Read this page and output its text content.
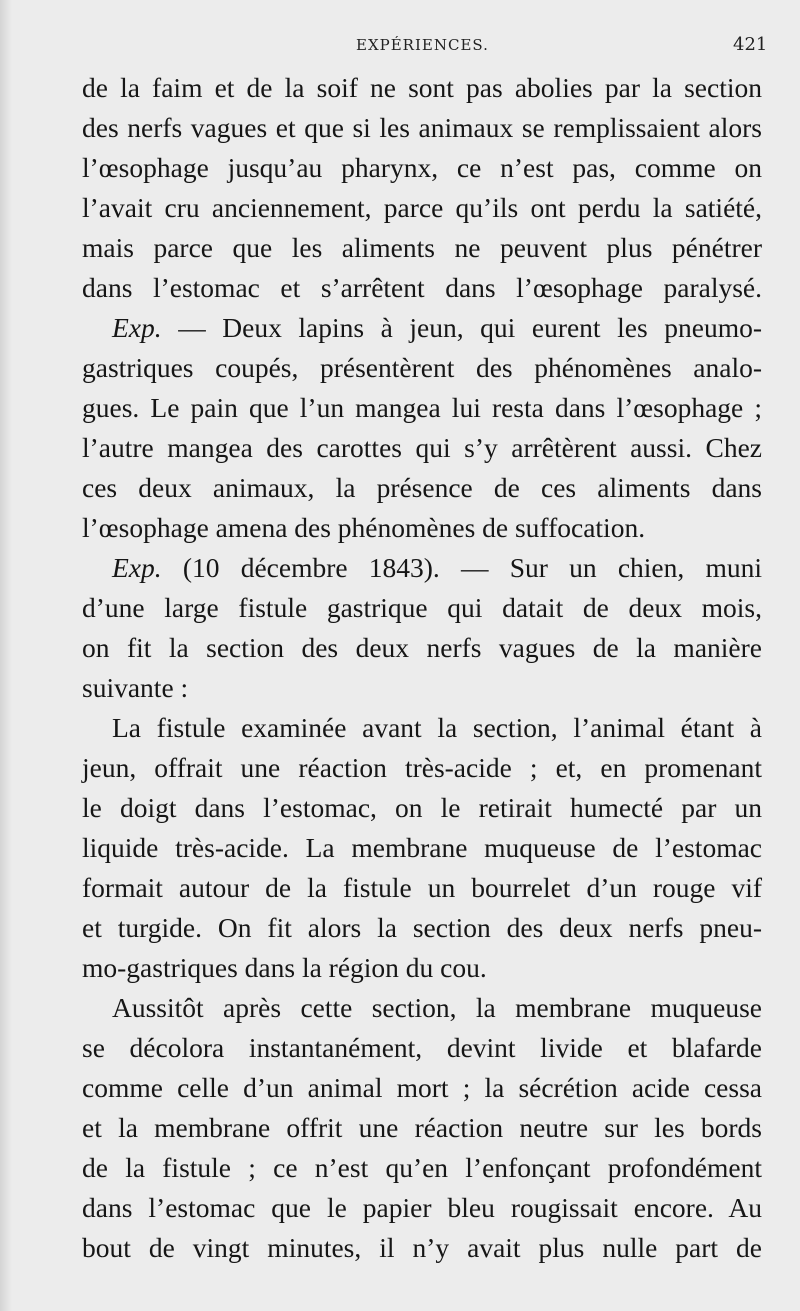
EXPÉRIENCES.	421
de la faim et de la soif ne sont pas abolies par la section
des nerfs vagues et que si les animaux se remplissaient alors
l’œsophage jusqu’au pharynx, ce n’est pas, comme on
l’avait cru anciennement, parce qu’ils ont perdu la satiété,
mais parce que les aliments ne peuvent plus pénétrer
dans l’estomac et s’arrêtent dans l’œsophage paralysé.
Exp. — Deux lapins à jeun, qui eurent les pneumo-
gastriques coupés, présentèrent des phénomènes analo-
gues. Le pain que l’un mangea lui resta dans l’œsophage ;
l’autre mangea des carottes qui s’y arrêtèrent aussi. Chez
ces deux animaux, la présence de ces aliments dans
l’œsophage amena des phénomènes de suffocation.
Exp. (10 décembre 1843). — Sur un chien, muni
d’une large fistule gastrique qui datait de deux mois,
on fit la section des deux nerfs vagues de la manière
suivante :
La fistule examinée avant la section, l’animal étant à
jeun, offrait une réaction très-acide ; et, en promenant
le doigt dans l’estomac, on le retirait humecté par un
liquide très-acide. La membrane muqueuse de l’estomac
formait autour de la fistule un bourrelet d’un rouge vif
et turgide. On fit alors la section des deux nerfs pneu-
mo-gastriques dans la région du cou.
Aussitôt après cette section, la membrane muqueuse
se décolora instantanément, devint livide et blafarde
comme celle d’un animal mort ; la sécrétion acide cessa
et la membrane offrit une réaction neutre sur les bords
de la fistule ; ce n’est qu’en l’enfonçant profondément
dans l’estomac que le papier bleu rougissait encore. Au
bout de vingt minutes, il n’y avait plus nulle part de
